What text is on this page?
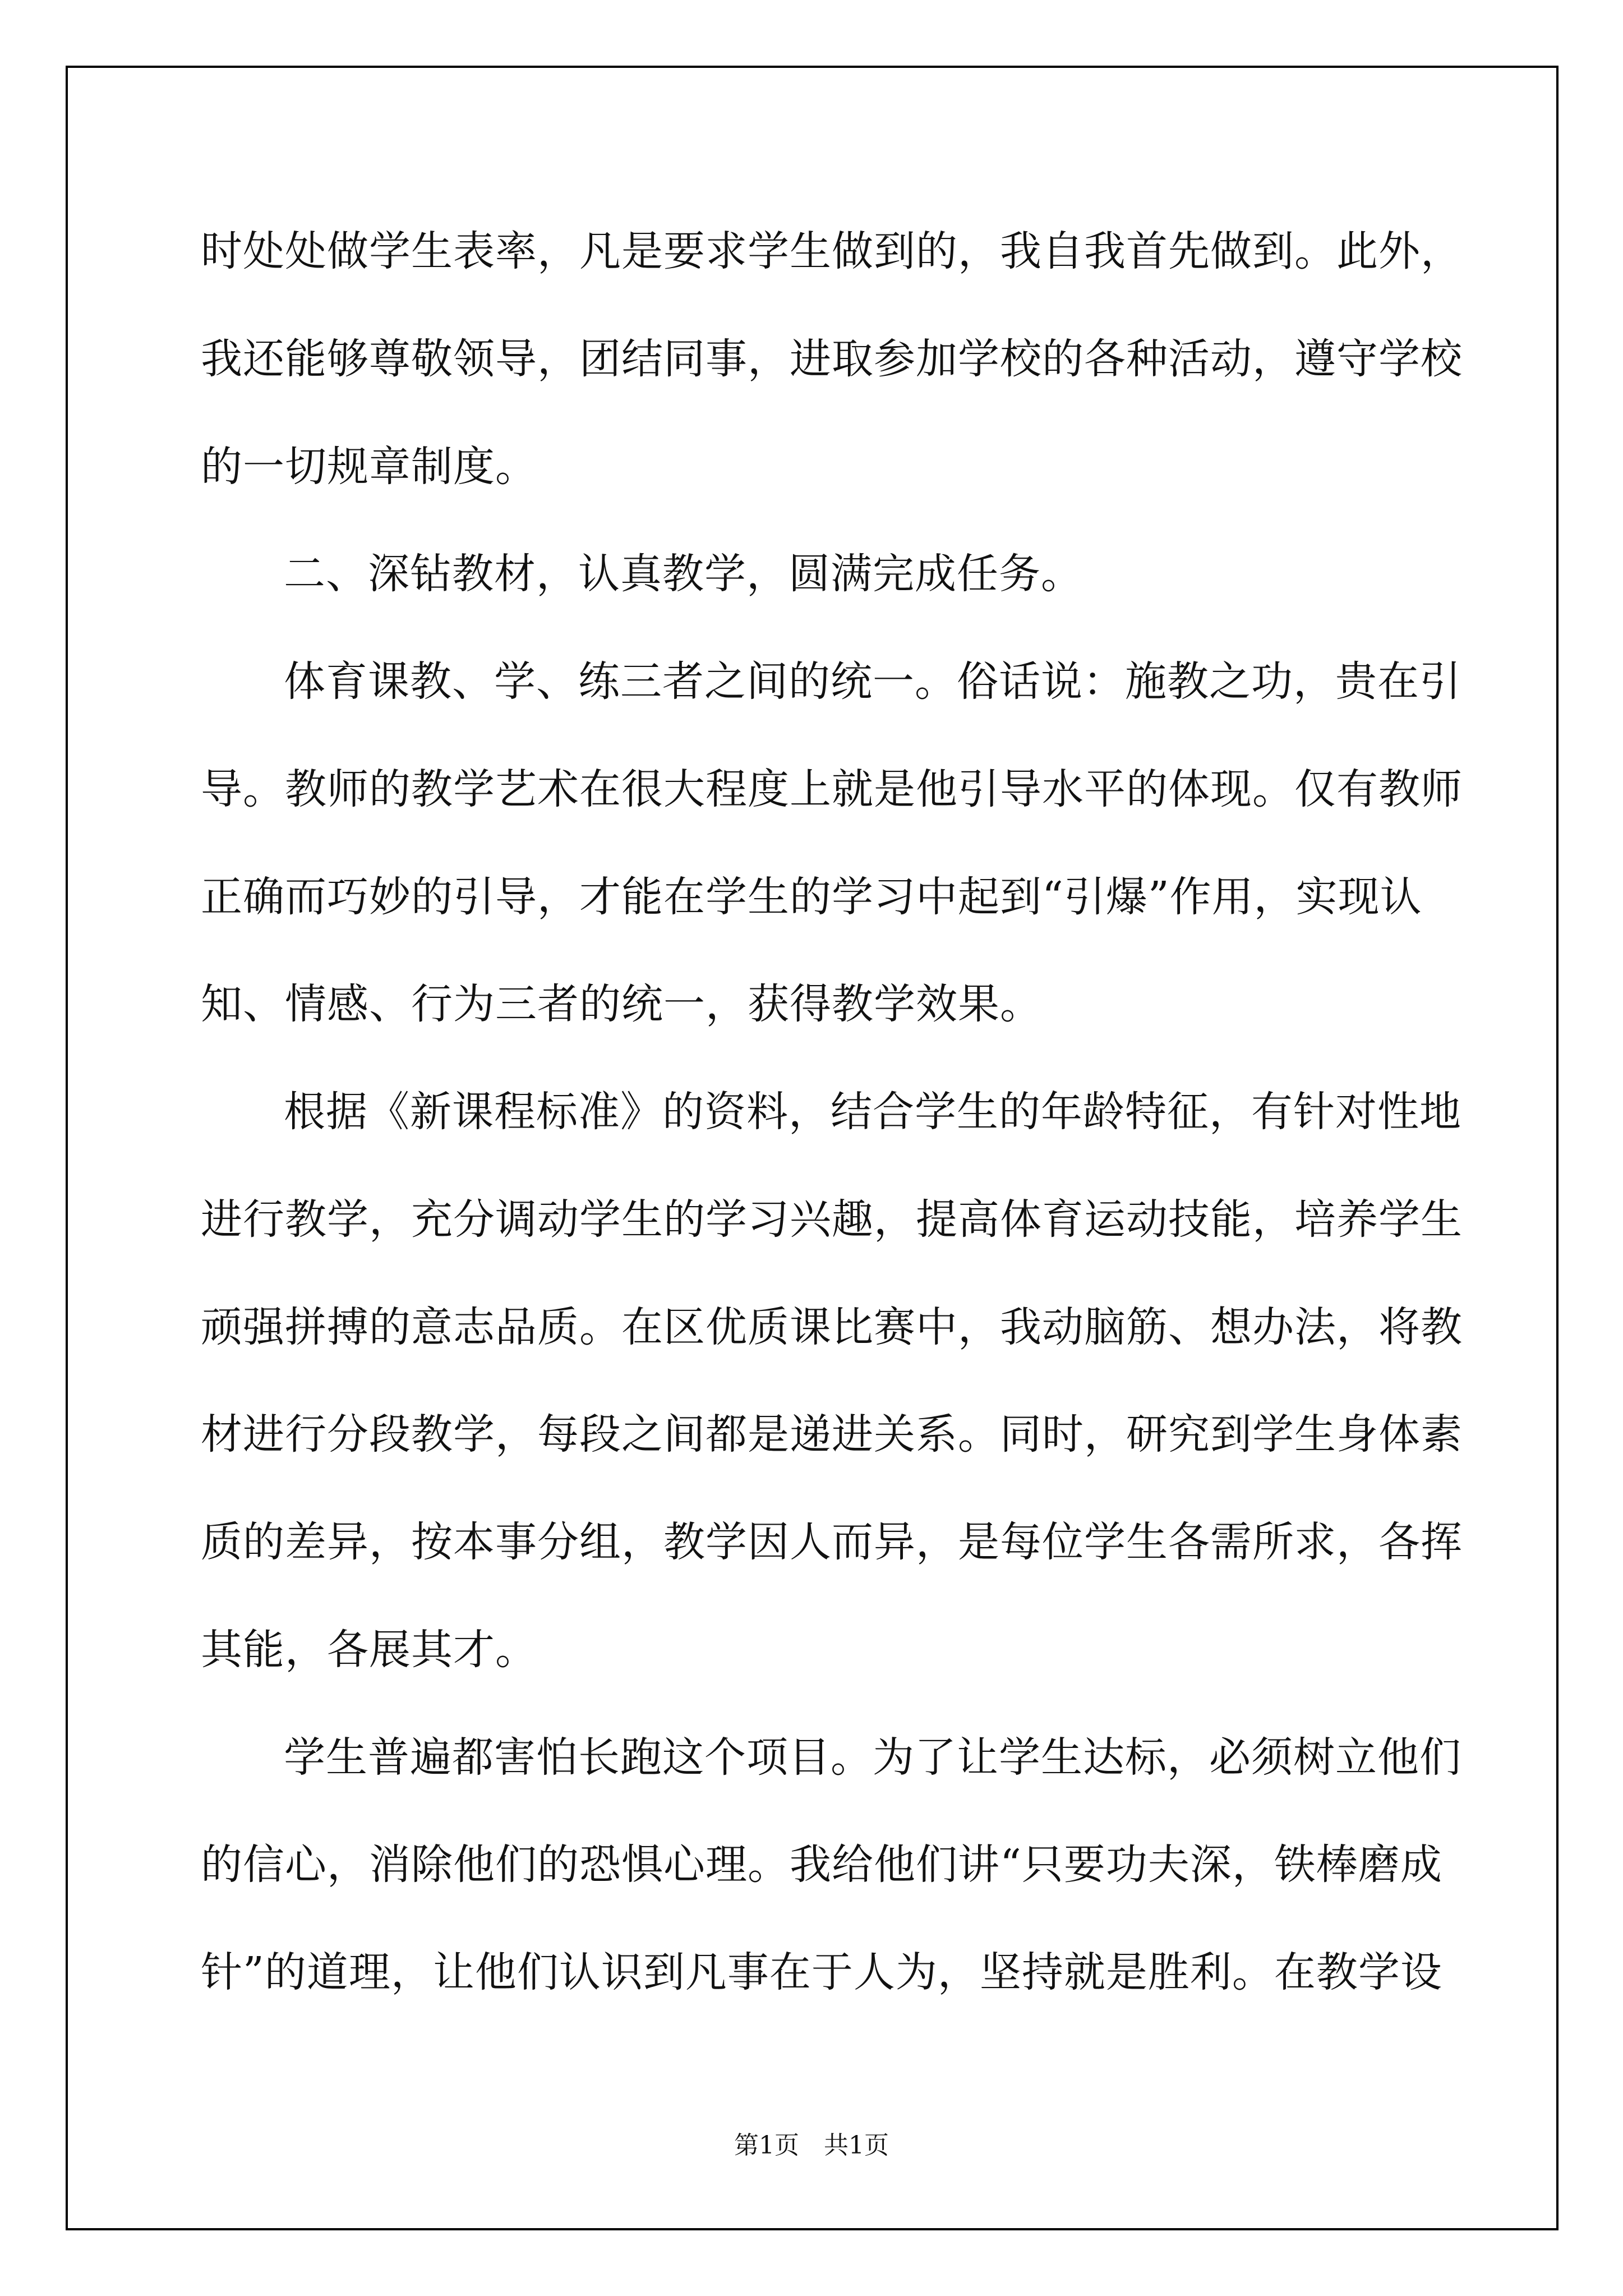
时处处做学生表率，凡是要求学生做到的，我自我首先做到。此外，
我还能够尊敬领导，团结同事，进取参加学校的各种活动，遵守学校
的一切规章制度。
二、深钻教材，认真教学，圆满完成任务。
体育课教、学、练三者之间的统一。俗话说：施教之功，贵在引
导。教师的教学艺术在很大程度上就是他引导水平的体现。仅有教师
正确而巧妙的引导，才能在学生的学习中起到“引爆”作用，实现认
知、情感、行为三者的统一，获得教学效果。
根据《新课程标准》的资料，结合学生的年龄特征，有针对性地
进行教学，充分调动学生的学习兴趣，提高体育运动技能，培养学生
顽强拼搏的意志品质。在区优质课比赛中，我动脑筋、想办法，将教
材进行分段教学，每段之间都是递进关系。同时，研究到学生身体素
质的差异，按本事分组，教学因人而异，是每位学生各需所求，各挥
其能，各展其才。
学生普遍都害怕长跑这个项目。为了让学生达标，必须树立他们
的信心，消除他们的恐惧心理。我给他们讲“只要功夫深，铁棒磨成
针”的道理，让他们认识到凡事在于人为，坚持就是胜利。在教学设
第1页 共1页
